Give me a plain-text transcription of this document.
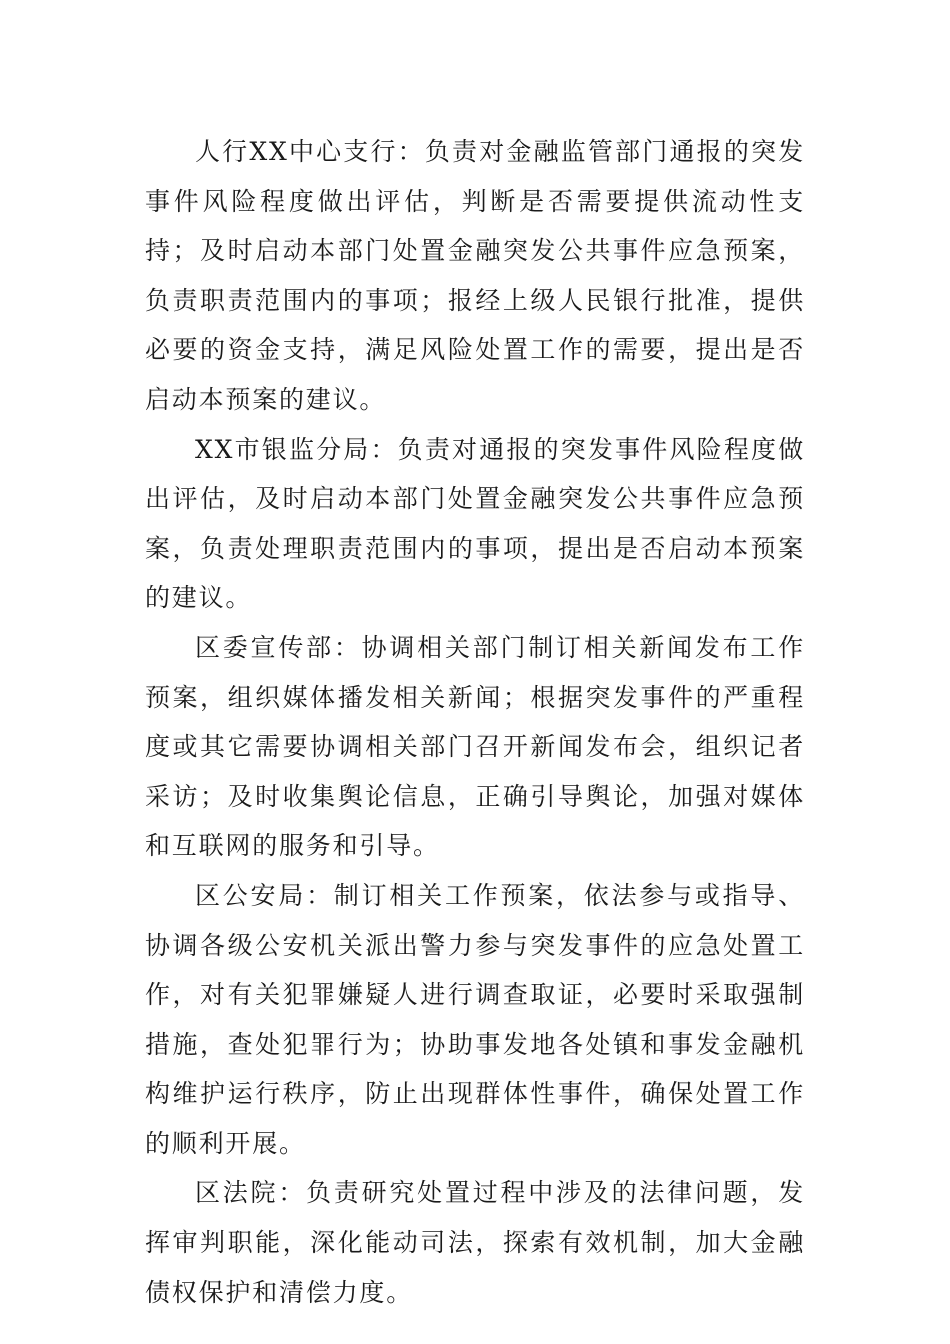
人行XX中心支行：负责对金融监管部门通报的突发事件风险程度做出评估，判断是否需要提供流动性支持；及时启动本部门处置金融突发公共事件应急预案，负责职责范围内的事项；报经上级人民银行批准，提供必要的资金支持，满足风险处置工作的需要，提出是否启动本预案的建议。

XX市银监分局：负责对通报的突发事件风险程度做出评估，及时启动本部门处置金融突发公共事件应急预案，负责处理职责范围内的事项，提出是否启动本预案的建议。

区委宣传部：协调相关部门制订相关新闻发布工作预案，组织媒体播发相关新闻；根据突发事件的严重程度或其它需要协调相关部门召开新闻发布会，组织记者采访；及时收集舆论信息，正确引导舆论，加强对媒体和互联网的服务和引导。

区公安局：制订相关工作预案，依法参与或指导、协调各级公安机关派出警力参与突发事件的应急处置工作，对有关犯罪嫌疑人进行调查取证，必要时采取强制措施，查处犯罪行为；协助事发地各处镇和事发金融机构维护运行秩序，防止出现群体性事件，确保处置工作的顺利开展。

区法院：负责研究处置过程中涉及的法律问题，发挥审判职能，深化能动司法，探索有效机制，加大金融债权保护和清偿力度。
